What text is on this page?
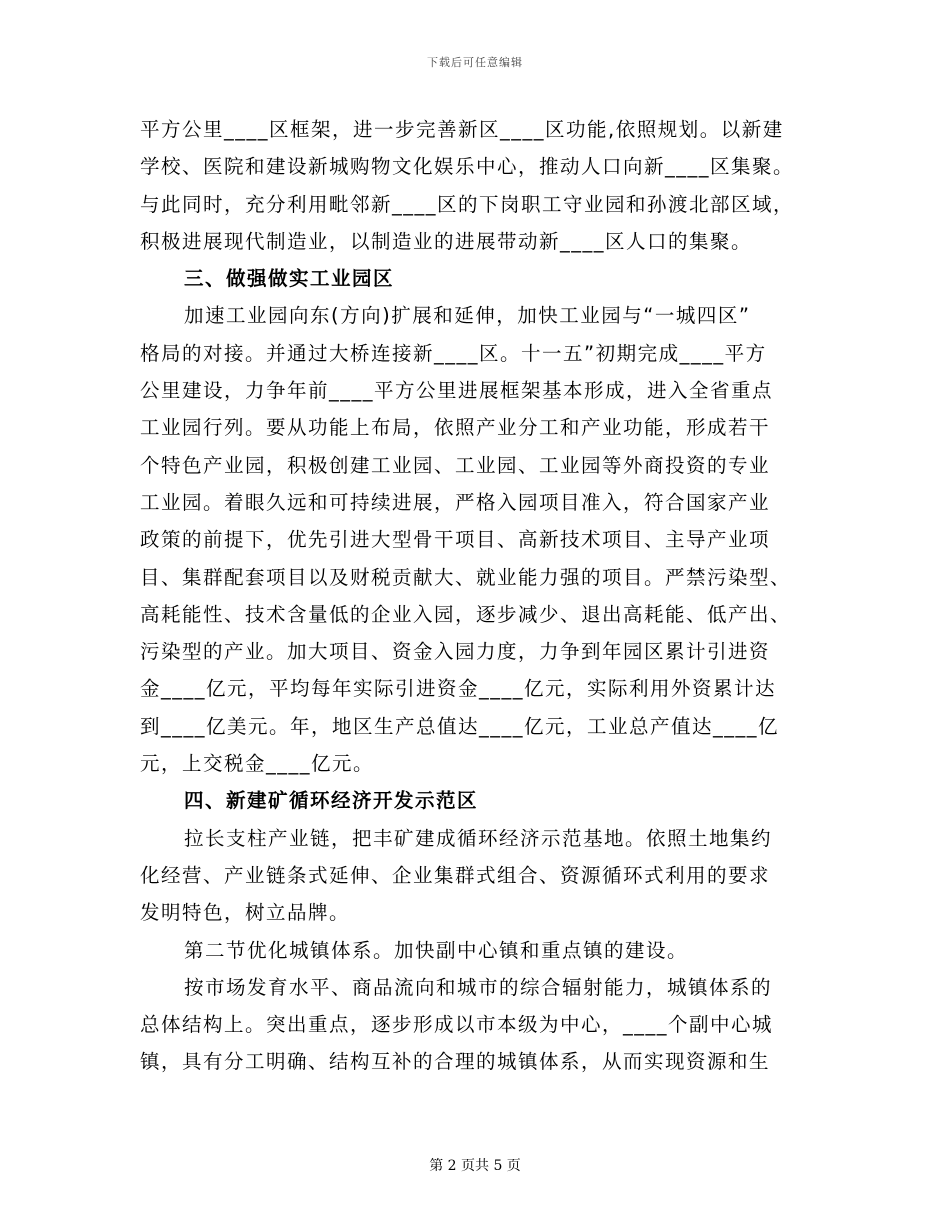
下载后可任意编辑
平方公里____区框架，进一步完善新区____区功能,依照规划。以新建
学校、医院和建设新城购物文化娱乐中心，推动人口向新____区集聚。
与此同时，充分利用毗邻新____区的下岗职工守业园和孙渡北部区域，
积极进展现代制造业，以制造业的进展带动新____区人口的集聚。
三、做强做实工业园区
加速工业园向东(方向)扩展和延伸，加快工业园与“一城四区”
格局的对接。并通过大桥连接新____区。十一五”初期完成____平方
公里建设，力争年前____平方公里进展框架基本形成，进入全省重点
工业园行列。要从功能上布局，依照产业分工和产业功能，形成若干
个特色产业园，积极创建工业园、工业园、工业园等外商投资的专业
工业园。着眼久远和可持续进展，严格入园项目准入，符合国家产业
政策的前提下，优先引进大型骨干项目、高新技术项目、主导产业项
目、集群配套项目以及财税贡献大、就业能力强的项目。严禁污染型、
高耗能性、技术含量低的企业入园，逐步减少、退出高耗能、低产出、
污染型的产业。加大项目、资金入园力度，力争到年园区累计引进资
金____亿元，平均每年实际引进资金____亿元，实际利用外资累计达
到____亿美元。年，地区生产总值达____亿元，工业总产值达____亿
元，上交税金____亿元。
四、新建矿循环经济开发示范区
拉长支柱产业链，把丰矿建成循环经济示范基地。依照土地集约
化经营、产业链条式延伸、企业集群式组合、资源循环式利用的要求
发明特色，树立品牌。
第二节优化城镇体系。加快副中心镇和重点镇的建设。
按市场发育水平、商品流向和城市的综合辐射能力，城镇体系的
总体结构上。突出重点，逐步形成以市本级为中心，____个副中心城
镇，具有分工明确、结构互补的合理的城镇体系，从而实现资源和生
第 2 页共 5 页
